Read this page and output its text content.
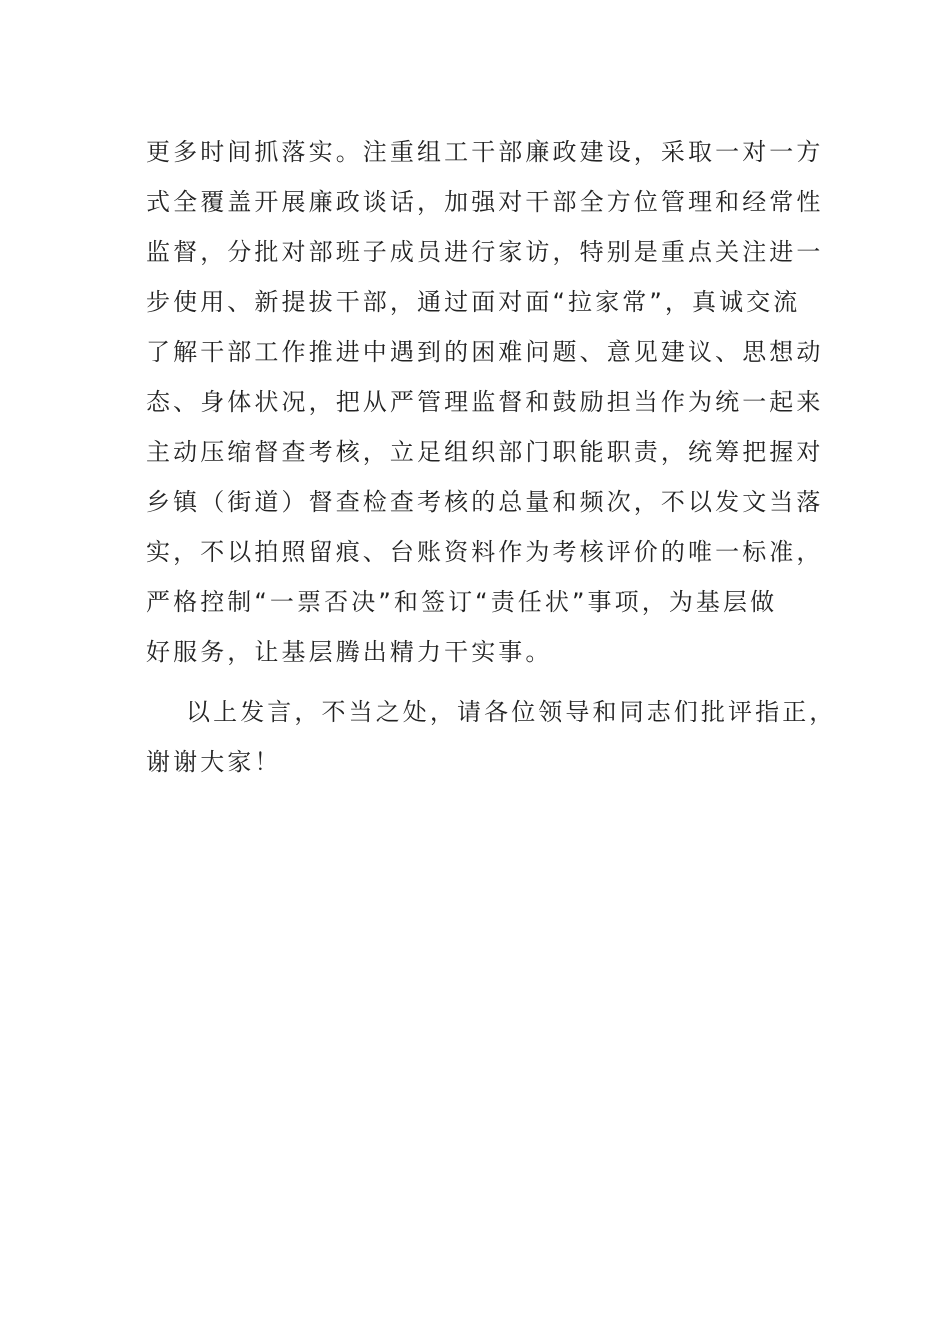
更多时间抓落实。注重组工干部廉政建设，采取一对一方
式全覆盖开展廉政谈话，加强对干部全方位管理和经常性
监督，分批对部班子成员进行家访，特别是重点关注进一
步使用、新提拔干部，通过面对面“拉家常”，真诚交流
了解干部工作推进中遇到的困难问题、意见建议、思想动
态、身体状况，把从严管理监督和鼓励担当作为统一起来
主动压缩督查考核，立足组织部门职能职责，统筹把握对
乡镇（街道）督查检查考核的总量和频次，不以发文当落
实，不以拍照留痕、台账资料作为考核评价的唯一标准，
严格控制“一票否决”和签订“责任状”事项，为基层做
好服务，让基层腾出精力干实事。
以上发言，不当之处，请各位领导和同志们批评指正，
谢谢大家！
